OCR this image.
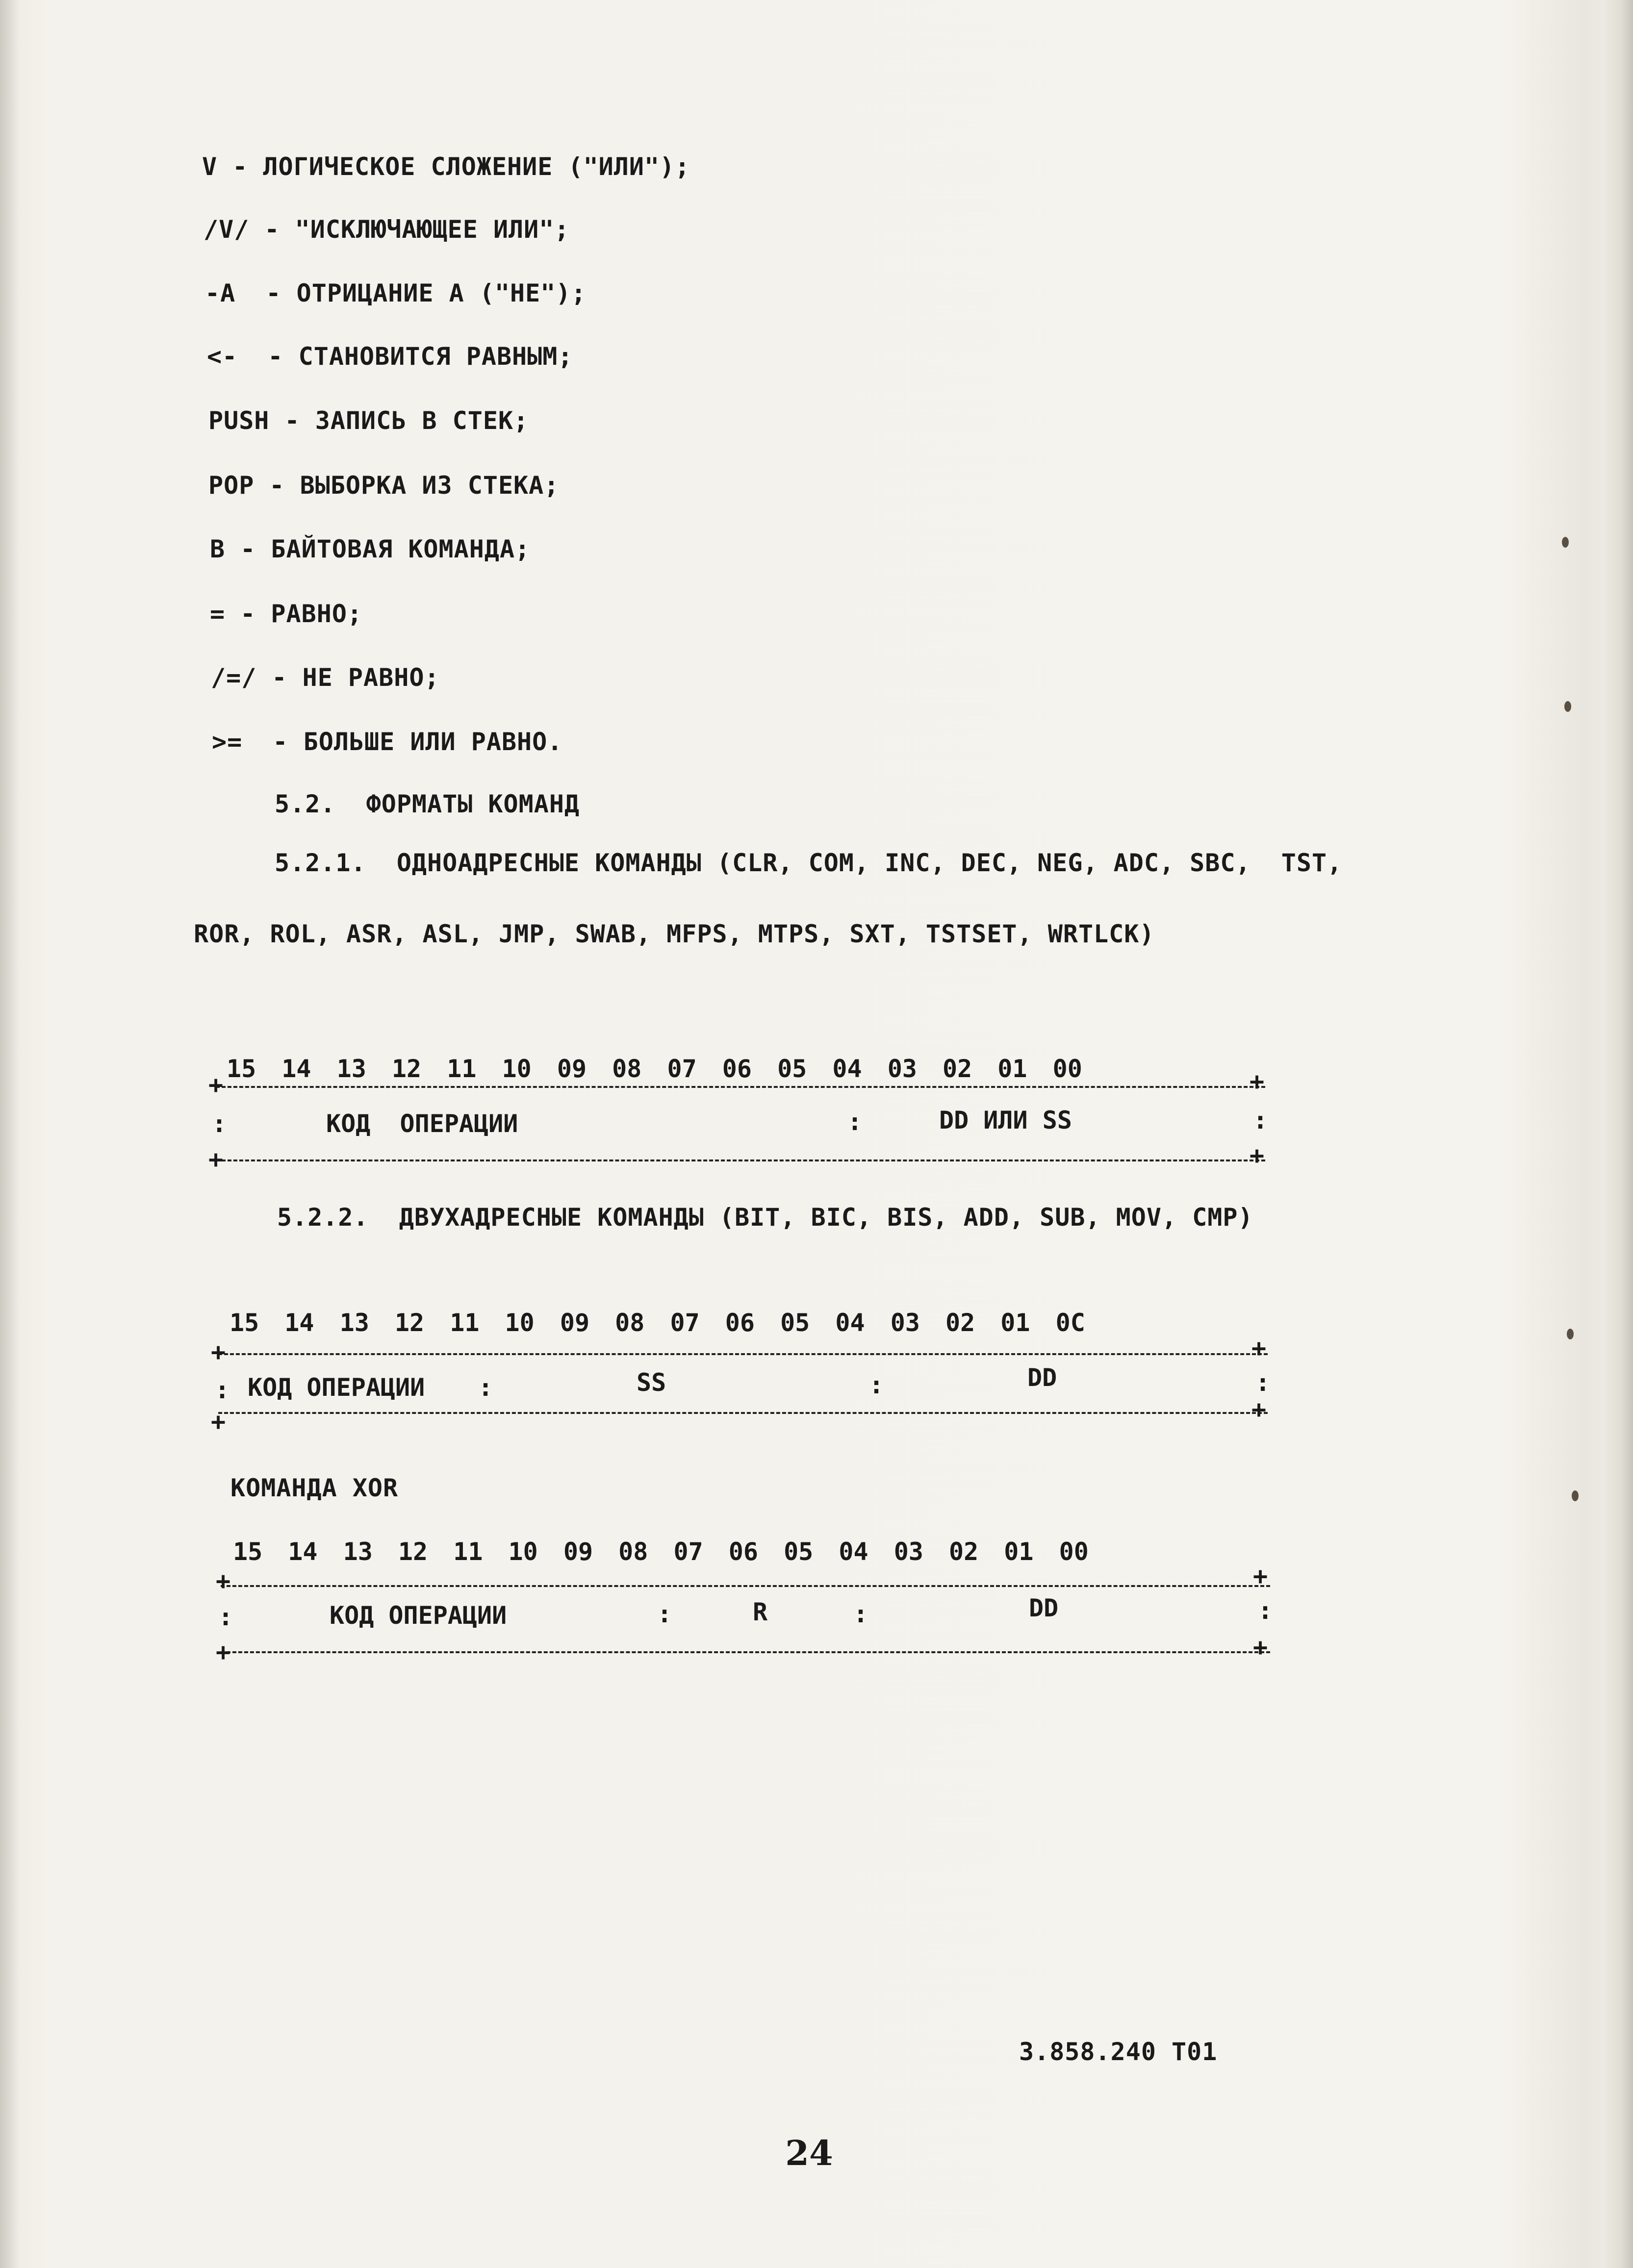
V - ЛОГИЧЕСКОЕ СЛОЖЕНИЕ ("ИЛИ");
/V/ - "ИСКЛЮЧАЮЩЕЕ ИЛИ";
-A  - ОТРИЦАНИЕ A ("НЕ");
<-  - СТАНОВИТСЯ РАВНЫМ;
PUSH - ЗАПИСЬ В СТЕК;
POP - ВЫБОРКА ИЗ СТЕКА;
B - БАЙТОВАЯ КОМАНДА;
= - РАВНО;
/=/ - НЕ РАВНО;
>=  - БОЛЬШЕ ИЛИ РАВНО.
5.2.  ФОРМАТЫ КОМАНД
5.2.1.  ОДНОАДРЕСНЫЕ КОМАНДЫ (CLR, COM, INC, DEC, NEG, ADC, SBC,  TST,
ROR, ROL, ASR, ASL, JMP, SWAB, MFPS, MTPS, SXT, TSTSET, WRTLCK)
15 14 13 12 11 10 09 08 07 06 05 04 03 02 01 00
+	+
:	КОД  ОПЕРАЦИИ	:	DD ИЛИ SS	:
+	+
5.2.2.  ДВУХАДРЕСНЫЕ КОМАНДЫ (BIT, BIC, BIS, ADD, SUB, MOV, CMP)
15 14 13 12 11 10 09 08 07 06 05 04 03 02 01 0C
+	+
: КОД ОПЕРАЦИИ :	SS	:	DD	:
+	+
КОМАНДА XOR
15 14 13 12 11 10 09 08 07 06 05 04 03 02 01 00
+	+
:	КОД ОПЕРАЦИИ	:	R	:	DD	:
+	+
3.858.240 T01
24
